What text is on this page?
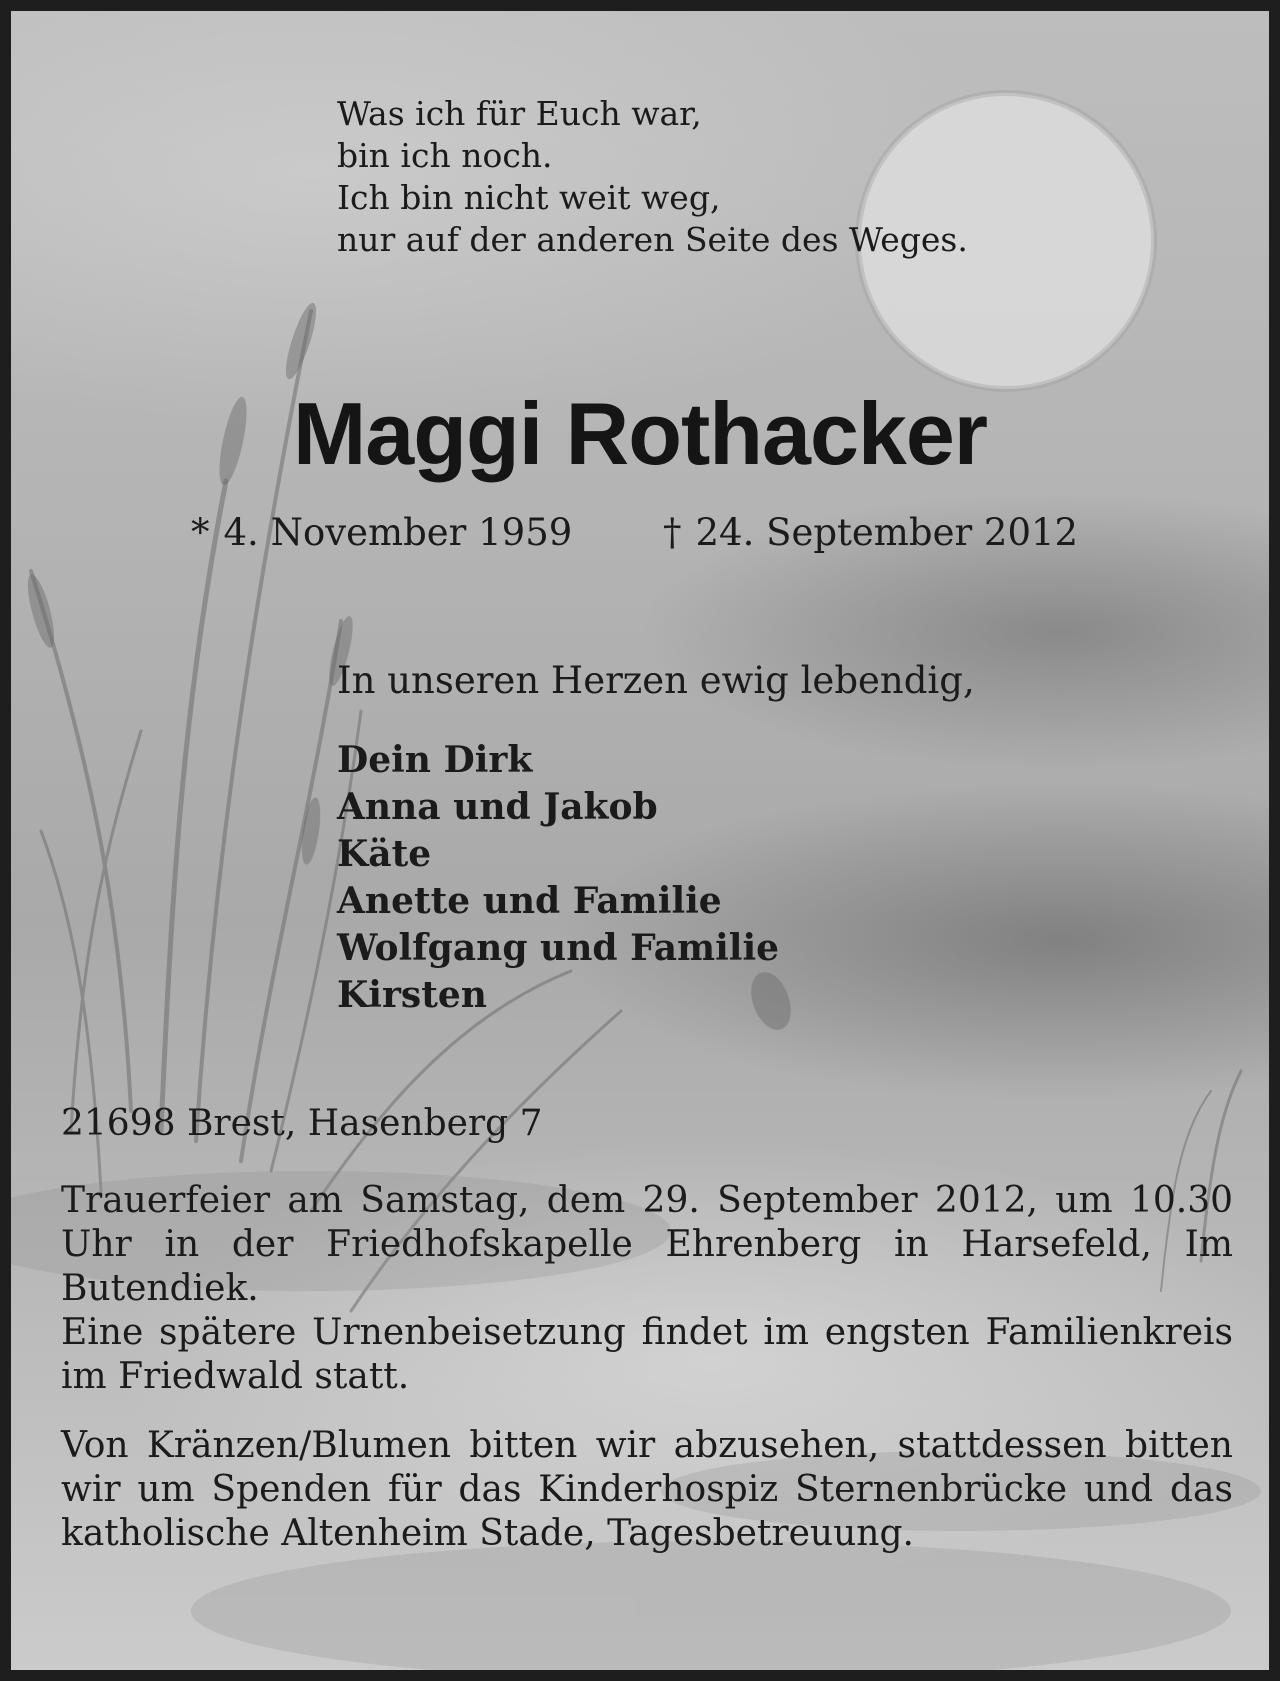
Was ich für Euch war,
bin ich noch.
Ich bin nicht weit weg,
nur auf der anderen Seite des Weges.
Maggi Rothacker
* 4. November 1959 † 24. September 2012
In unseren Herzen ewig lebendig,
Dein Dirk
Anna und Jakob
Käte
Anette und Familie
Wolfgang und Familie
Kirsten
21698 Brest, Hasenberg 7

Trauerfeier am Samstag, dem 29. September 2012, um 10.30 Uhr in der Friedhofskapelle Ehrenberg in Harsefeld, Im Butendiek.

Eine spätere Urnenbeisetzung findet im engsten Familienkreis im Friedwald statt.

Von Kränzen/Blumen bitten wir abzusehen, stattdessen bitten wir um Spenden für das Kinderhospiz Sternenbrücke und das katholische Altenheim Stade, Tagesbetreuung.
